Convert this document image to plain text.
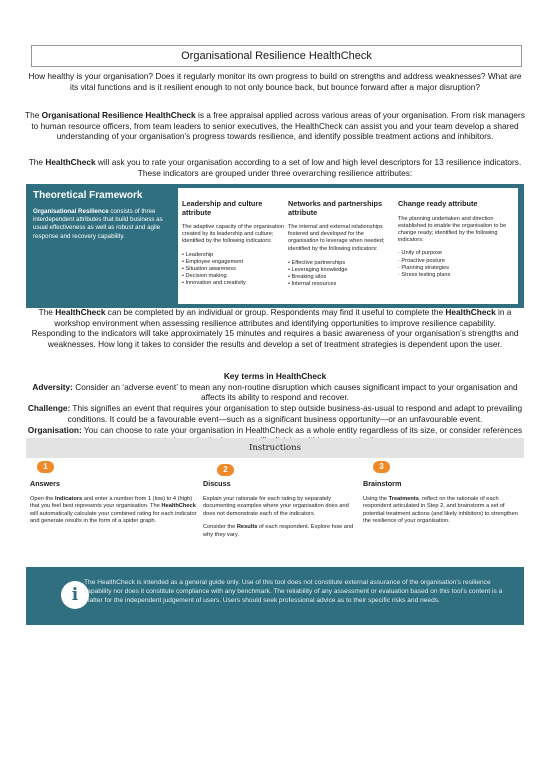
Organisational Resilience HealthCheck
How healthy is your organisation? Does it regularly monitor its own progress to build on strengths and address weaknesses? What are its vital functions and is it resilient enough to not only bounce back, but bounce forward after a major disruption?
The Organisational Resilience HealthCheck is a free appraisal applied across various areas of your organisation. From risk managers to human resource officers, from team leaders to senior executives, the HealthCheck can assist you and your team develop a shared understanding of your organisation’s progress towards resilience, and identify possible treatment actions and inhibitors.
The HealthCheck will ask you to rate your organisation according to a set of low and high level descriptors for 13 resilience indicators. These indicators are grouped under three overarching resilience attributes:
Theoretical Framework
Organisational Resilience consists of three interdependent attributes that build business as usual effectiveness as well as robust and agile response and recovery capability.
Leadership and culture attribute
The adaptive capacity of the organisation created by its leadership and culture; identified by the following indicators:
• Leadership
• Employee engagement
• Situation awareness
• Decision making
• Innovation and creativity
Networks and partnerships attribute
The internal and external relationships fostered and developed for the organisation to leverage when needed; identified by the following indicators:
• Effective partnerships
• Leveraging knowledge
• Breaking silos
• Internal resources
Change ready attribute
The planning undertaken and direction established to enable the organisation to be change ready; identified by the following indicators:
· Unity of purpose
· Proactive posture
· Planning strategies
· Stress testing plans
The HealthCheck can be completed by an individual or group. Respondents may find it useful to complete the HealthCheck in a workshop environment when assessing resilience attributes and identifying opportunities to improve resilience capability.
Responding to the indicators will take approximately 15 minutes and requires a basic awareness of your organisation’s strengths and weaknesses. How long it takes to consider the results and develop a set of treatment strategies is dependent upon the user.
Key terms in HealthCheck
Adversity: Consider an ‘adverse event’ to mean any non-routine disruption which causes significant impact to your organisation and affects its ability to respond and recover.
Challenge: This signifies an event that requires your organisation to step outside business-as-usual to respond and adapt to prevailing conditions. It could be a favourable event—such as a significant business opportunity—or an unfavourable event.
Organisation: You can choose to rate your organisation in HealthCheck as a whole entity regardless of its size, or consider references
Instructions
1	2	3
Answers

Open the Indicators and enter a number from 1 (low) to 4 (high) that you feel best represents your organisation. The HealthCheck will automatically calculate your combined rating for each indicator and generate results in the form of a spider graph.

Discuss

Explain your rationale for each rating by separately documenting examples where your organisation does and does not demonstrate each of the indicators.

Consider the Results of each respondent. Explore how and why they vary.

Brainstorm

Using the Treatments, reflect on the rationale of each respondent articulated in Step 2, and brainstorm a set of potential treatment actions (and likely inhibitors) to strengthen the resilience of your organisation.

i
The HealthCheck is intended as a general guide only. Use of this tool does not constitute external assurance of the organisation’s resilience capability nor does it constitute compliance with any benchmark. The reliability of any assessment or evaluation based on this tool’s content is a matter for the independent judgement of users. Users should seek professional advice as to their specific risks and needs.
